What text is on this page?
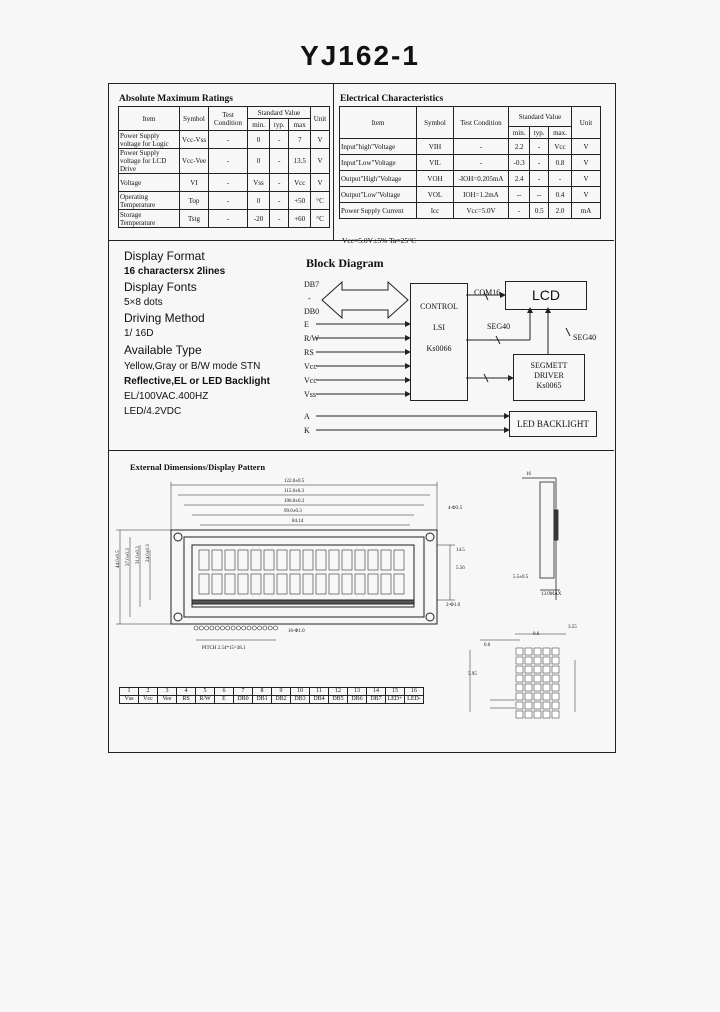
YJ162-1
Absolute Maximum Ratings
Item	Symbol	Test Condition	Standard Value			Unit
			min.	typ.	max	
Power Supply voltage for Logic	Vcc-Vss	-	0	-	7	V
Power Supply voltage for LCD Drive	Vcc-Vee	-	0	-	13.5	V
Voltage	VI	-	Vss	-	Vcc	V
Operating Temperature	Top	-	0	-	+50	°C
Storage Temperature	Tstg	-	-20	-	+60	°C
Electrical Characteristics
Item	Symbol	Test Condition	Standard Value			Unit
			min.	typ.	max.	
Input"high"Voltage	VIH	-	2.2	-	Vcc	V
Input"Low"Voltage	VIL	-	-0.3	-	0.8	V
Output"High"Voltage	VOH	-IOH=0.205mA	2.4	-	-	V
Output"Low"Voltage	VOL	IOH=1.2mA	--	--	0.4	V
Power Supply Current	Icc	Vcc=5.0V	-	0.5	2.0	mA
Vcc=5.0V±5% Ta=25°C
Display Format
16 charactersx 2lines
Display Fonts
5×8 dots
Driving Method
1/ 16D
Available Type
Yellow,Gray or B/W mode STN
Reflective,EL or LED Backlight
EL/100VAC.400HZ
LED/4.2VDC
Block Diagram
DB7
-
DB0
E
R/W
RS
Vcc
Vcc
Vss
A
K
CONTROL
LSI
Ks0066
LCD
SEGMETT
DRIVER
Ks0065
LED BACKLIGHT
COM16
SEG40
SEG40
External Dimensions/Display Pattern
122.0±0.5
115.0±0.3
106.0±0.3
99.0±0.3
84.14
PITCH 2.54*15=38.1
4-Φ3.5
2-Φ1.0
16-Φ1.0
14.5
5.56
5.5±0.5
13.0MAX
16
0.6
0.6
3.55
5.95
44.0±0.5 37.0±0.3 31.0±0.3 24.0±0.3
1	2	3	4	5	6	7	8	9	10	11	12	13	14	15	16
Vss	Vcc	Vee	RS	R/W	E	DB0	DB1	DB2	DB3	DB4	DB5	DB6	DB7	LED+	LED-
